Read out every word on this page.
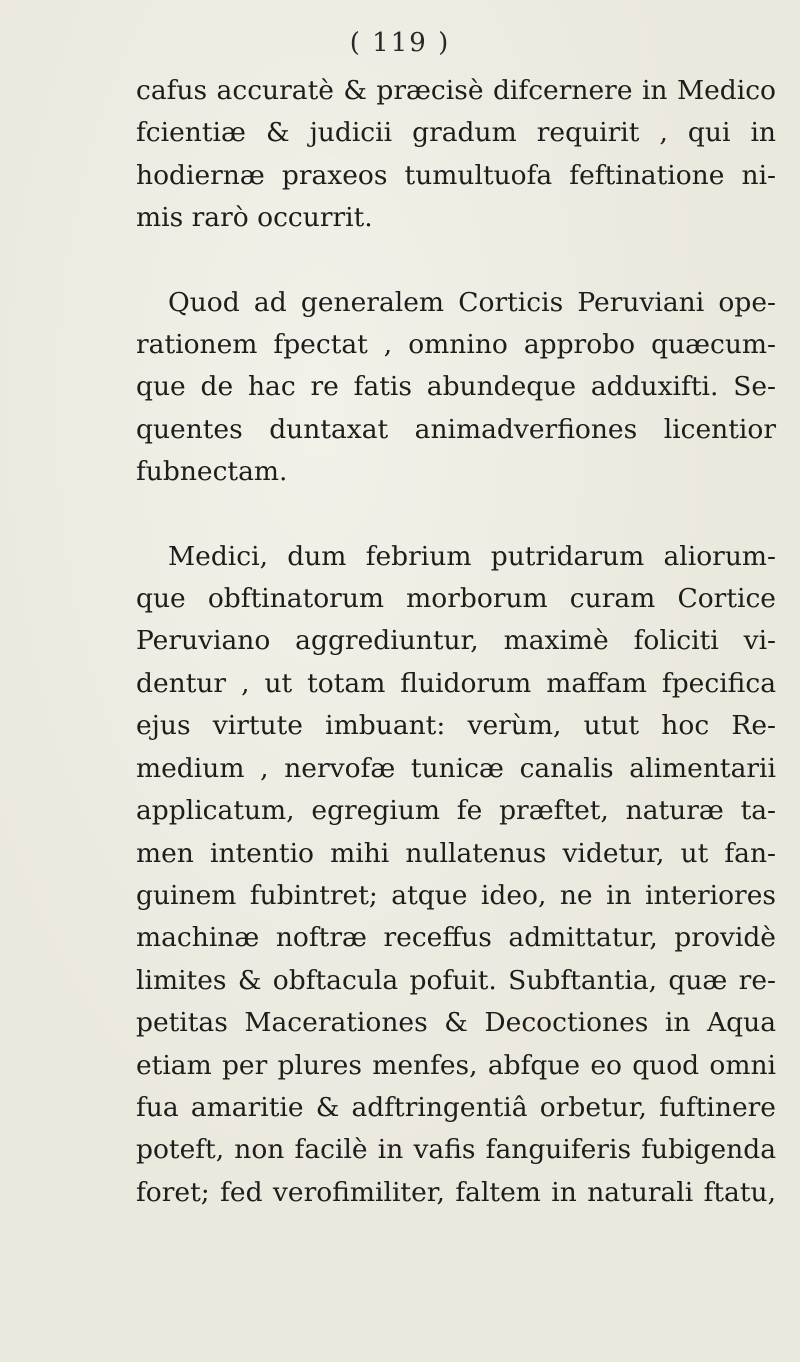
( 119 )
cafus accuratè & præcisè difcernere in Medico
fcientiæ & judicii gradum requirit , qui in
hodiernæ praxeos tumultuofa feftinatione ni-
mis rarò occurrit.
Quod ad generalem Corticis Peruviani ope-
rationem fpectat , omnino approbo quæcum-
que de hac re fatis abundeque adduxifti. Se-
quentes duntaxat animadverfiones licentior
fubnectam.
Medici, dum febrium putridarum aliorum-
que obftinatorum morborum curam Cortice
Peruviano aggrediuntur, maximè foliciti vi-
dentur , ut totam fluidorum maffam fpecifica
ejus virtute imbuant: verùm, utut hoc Re-
medium , nervofæ tunicæ canalis alimentarii
applicatum, egregium fe præftet, naturæ ta-
men intentio mihi nullatenus videtur, ut fan-
guinem fubintret; atque ideo, ne in interiores
machinæ noftræ receffus admittatur, providè
limites & obftacula pofuit. Subftantia, quæ re-
petitas Macerationes & Decoctiones in Aqua
etiam per plures menfes, abfque eo quod omni
fua amaritie & adftringentiâ orbetur, fuftinere
poteft, non facilè in vafis fanguiferis fubigenda
foret; fed verofimiliter, faltem in naturali ftatu,
